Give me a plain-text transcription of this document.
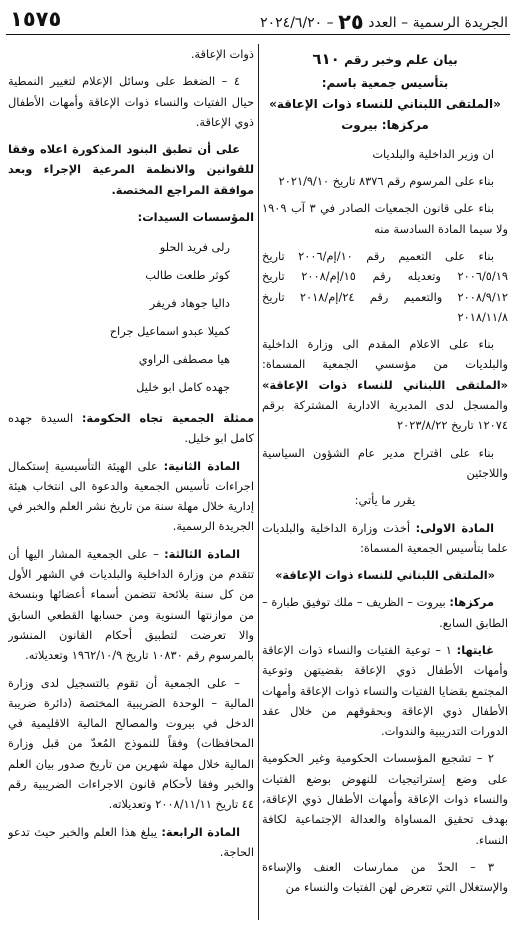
الجريدة الرسمية – العدد ٢٥ – ٢٠٢٤/٦/٢٠
١٥٧٥
بيان علم وخبر رقم ٦١٠
بتأسيس جمعية باسم:
«الملتقى اللبناني للنساء ذوات الإعاقة»
مركزها: بيروت

ان وزير الداخلية والبلديات

بناء على المرسوم رقم ٨٣٧٦ تاريخ ٢٠٢١/٩/١٠

بناء على قانون الجمعيات الصادر في ٣ آب ١٩٠٩ ولا سيما المادة السادسة منه

بناء على التعميم رقم ١٠/إم/٢٠٠٦ تاريخ ٢٠٠٦/٥/١٩ وتعديله رقم ١٥/إم/٢٠٠٨ تاريخ ٢٠٠٨/٩/١٢ والتعميم رقم ٢٤/إم/٢٠١٨ تاريخ ٢٠١٨/١١/٨

بناء على الاعلام المقدم الى وزارة الداخلية والبلديات من مؤسسي الجمعية المسماة: «الملتقى اللبناني للنساء ذوات الإعاقة» والمسجل لدى المديرية الادارية المشتركة برقم ١٢٠٧٤ تاريخ ٢٠٢٣/٨/٢٢

بناء على اقتراح مدير عام الشؤون السياسية واللاجئين

يقرر ما يأتي:

المادة الاولى: أخذت وزارة الداخلية والبلديات علما بتأسيس الجمعية المسماة:

«الملتقى اللبناني للنساء ذوات الإعاقة»

مركزها: بيروت – الظريف – ملك توفيق طبارة – الطابق السابع.

غايتها: ١ – توعية الفتيات والنساء ذوات الإعاقة وأمهات الأطفال ذوي الإعاقة بقضيتهن وتوعية المجتمع بقضايا الفتيات والنساء ذوات الإعاقة وأمهات الأطفال ذوي الإعاقة وبحقوقهم من خلال عقد الدورات التدريبية والندوات.

٢ – تشجيع المؤسسات الحكومية وغير الحكومية على وضع إستراتيجيات للنهوض بوضع الفتيات والنساء ذوات الإعاقة وأمهات الأطفال ذوي الإعاقة، بهدف تحقيق المساواة والعدالة الإجتماعية لكافة النساء.

٣ – الحدّ من ممارسات العنف والإساءة والإستغلال التي تتعرض لهن الفتيات والنساء من

ذوات الإعاقة.

٤ – الضغط على وسائل الإعلام لتغيير النمطية حيال الفتيات والنساء ذوات الإعاقة وأمهات الأطفال ذوي الإعاقة.

على أن تطبق البنود المذكورة اعلاه وفقا للقوانين والانظمة المرعية الإجراء وبعد موافقة المراجع المختصة.

المؤسسات السيدات:

رلى فريد الحلو
كوثر طلعت طالب
داليا جوهاد فريفر
كميلا عبدو اسماعيل جراح
هيا مصطفى الراوي
جهده كامل ابو خليل

ممثلة الجمعية تجاه الحكومة: السيدة جهده كامل ابو خليل.

المادة الثانية: على الهيئة التأسيسية إستكمال اجراءات تأسيس الجمعية والدعوة الى انتخاب هيئة إدارية خلال مهلة سنة من تاريخ نشر العلم والخبر في الجريدة الرسمية.

المادة الثالثة: – على الجمعية المشار اليها أن تتقدم من وزارة الداخلية والبلديات في الشهر الأول من كل سنة بلائحة تتضمن أسماء أعضائها وبنسخة من موازنتها السنوية ومن حسابها القطعي السابق والا تعرضت لتطبيق أحكام القانون المنشور بالمرسوم رقم ١٠٨٣٠ تاريخ ١٩٦٢/١٠/٩ وتعديلاته.

– على الجمعية أن تقوم بالتسجيل لدى وزارة المالية – الوحدة الضريبية المختصة (دائرة ضريبة الدخل في بيروت والمصالح المالية الاقليمية في المحافظات) وفقاً للنموذج المُعدّ من قبل وزارة المالية خلال مهلة شهرين من تاريخ صدور بيان العلم والخبر وفقا لأحكام قانون الاجراءات الضريبية رقم ٤٤ تاريخ ٢٠٠٨/١١/١١ وتعديلاته.

المادة الرابعة: يبلغ هذا العلم والخبر حيث تدعو الحاجة.
